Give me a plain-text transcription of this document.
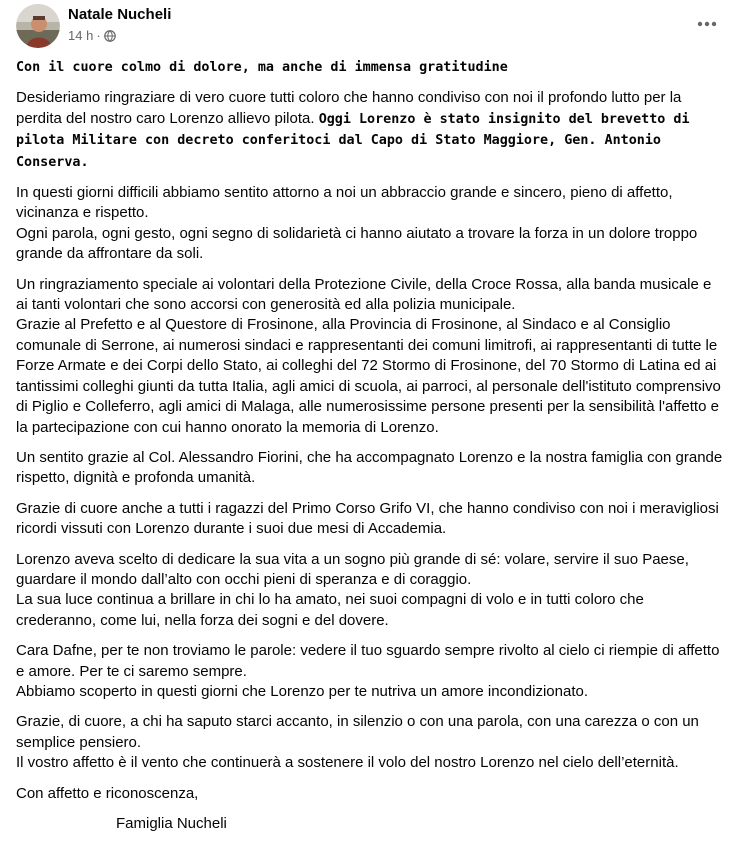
Natale Nucheli
14 h ·

Con il cuore colmo di dolore, ma anche di immensa gratitudine

Desideriamo ringraziare di vero cuore tutti coloro che hanno condiviso con noi il profondo lutto per la perdita del nostro caro Lorenzo allievo pilota. Oggi Lorenzo è stato insignito del brevetto di pilota Militare con decreto conferitoci dal Capo di Stato Maggiore, Gen. Antonio Conserva.

In questi giorni difficili abbiamo sentito attorno a noi un abbraccio grande e sincero, pieno di affetto, vicinanza e rispetto.
Ogni parola, ogni gesto, ogni segno di solidarietà ci hanno aiutato a trovare la forza in un dolore troppo grande da affrontare da soli.

Un ringraziamento speciale ai volontari della Protezione Civile, della Croce Rossa, alla banda musicale e ai tanti volontari che sono accorsi con generosità ed alla polizia municipale.
Grazie al Prefetto e al Questore di Frosinone, alla Provincia di Frosinone, al Sindaco e al Consiglio comunale di Serrone, ai numerosi sindaci e rappresentanti dei comuni limitrofi, ai rappresentanti di tutte le Forze Armate e dei Corpi dello Stato, ai colleghi del 72 Stormo di Frosinone, del 70 Stormo di Latina ed ai tantissimi colleghi giunti da tutta Italia, agli amici di scuola, ai parroci, al personale dell'istituto comprensivo di Piglio e Colleferro, agli amici di Malaga, alle numerosissime persone presenti per la sensibilità l'affetto e la partecipazione con cui hanno onorato la memoria di Lorenzo.

Un sentito grazie al Col. Alessandro Fiorini, che ha accompagnato Lorenzo e la nostra famiglia con grande rispetto, dignità e profonda umanità.

Grazie di cuore anche a tutti i ragazzi del Primo Corso Grifo VI, che hanno condiviso con noi i meravigliosi ricordi vissuti con Lorenzo durante i suoi due mesi di Accademia.

Lorenzo aveva scelto di dedicare la sua vita a un sogno più grande di sé: volare, servire il suo Paese, guardare il mondo dall’alto con occhi pieni di speranza e di coraggio.
La sua luce continua a brillare in chi lo ha amato, nei suoi compagni di volo e in tutti coloro che crederanno, come lui, nella forza dei sogni e del dovere.

Cara Dafne, per te non troviamo le parole: vedere il tuo sguardo sempre rivolto al cielo ci riempie di affetto e amore. Per te ci saremo sempre.
Abbiamo scoperto in questi giorni che Lorenzo per te nutriva un amore incondizionato.

Grazie, di cuore, a chi ha saputo starci accanto, in silenzio o con una parola, con una carezza o con un semplice pensiero.
Il vostro affetto è il vento che continuerà a sostenere il volo del nostro Lorenzo nel cielo dell’eternità.

Con affetto e riconoscenza,

Famiglia Nucheli
